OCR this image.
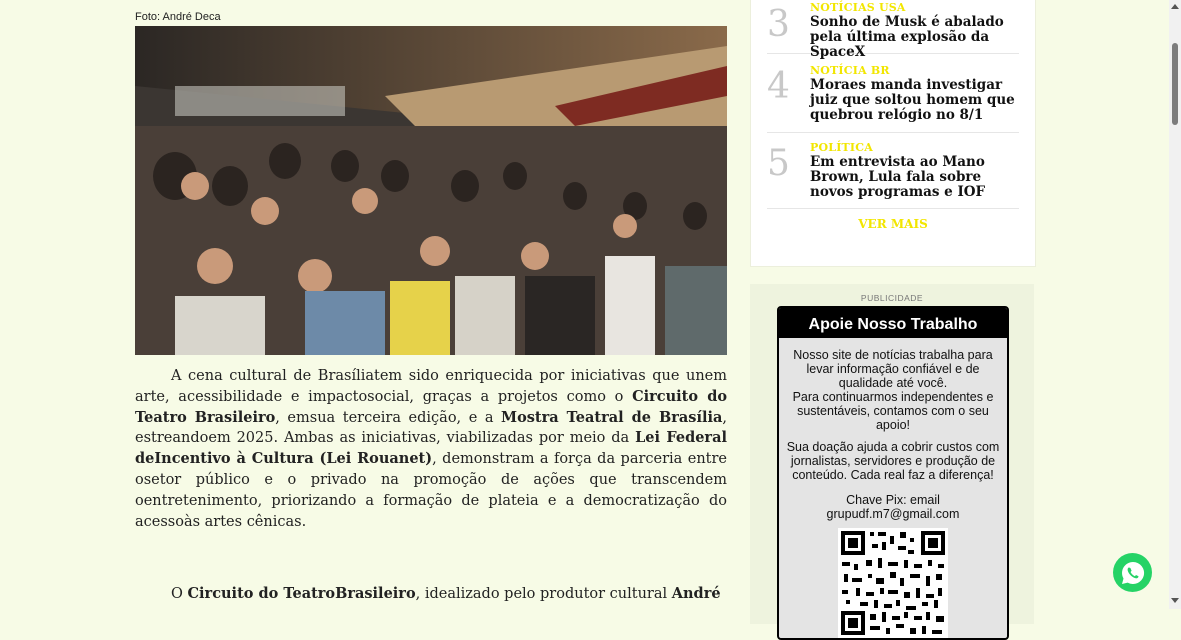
Foto: André Deca

A cena cultural de Brasíliatem sido enriquecida por iniciativas que unem arte, acessibilidade e impactosocial, graças a projetos como o Circuito do Teatro Brasileiro, emsua terceira edição, e a Mostra Teatral de Brasília, estreandoem 2025. Ambas as iniciativas, viabilizadas por meio da Lei Federal deIncentivo à Cultura (Lei Rouanet), demonstram a força da parceria entre osetor público e o privado na promoção de ações que transcendem oentretenimento, priorizando a formação de plateia e a democratização do acessoàs artes cênicas.

O Circuito do TeatroBrasileiro, idealizado pelo produtor cultural André

3 NOTÍCIAS USA
Sonho de Musk é abalado pela última explosão da SpaceX
4 NOTÍCIA BR
Moraes manda investigar juiz que soltou homem que quebrou relógio no 8/1
5 POLÍTICA
Em entrevista ao Mano Brown, Lula fala sobre novos programas e IOF
VER MAIS
PUBLICIDADE
Apoie Nosso Trabalho

Nosso site de notícias trabalha para levar informação confiável e de qualidade até você.

Para continuarmos independentes e sustentáveis, contamos com o seu apoio!

Sua doação ajuda a cobrir custos com jornalistas, servidores e produção de conteúdo. Cada real faz a diferença!

Chave Pix: email

grupudf.m7@gmail.com
